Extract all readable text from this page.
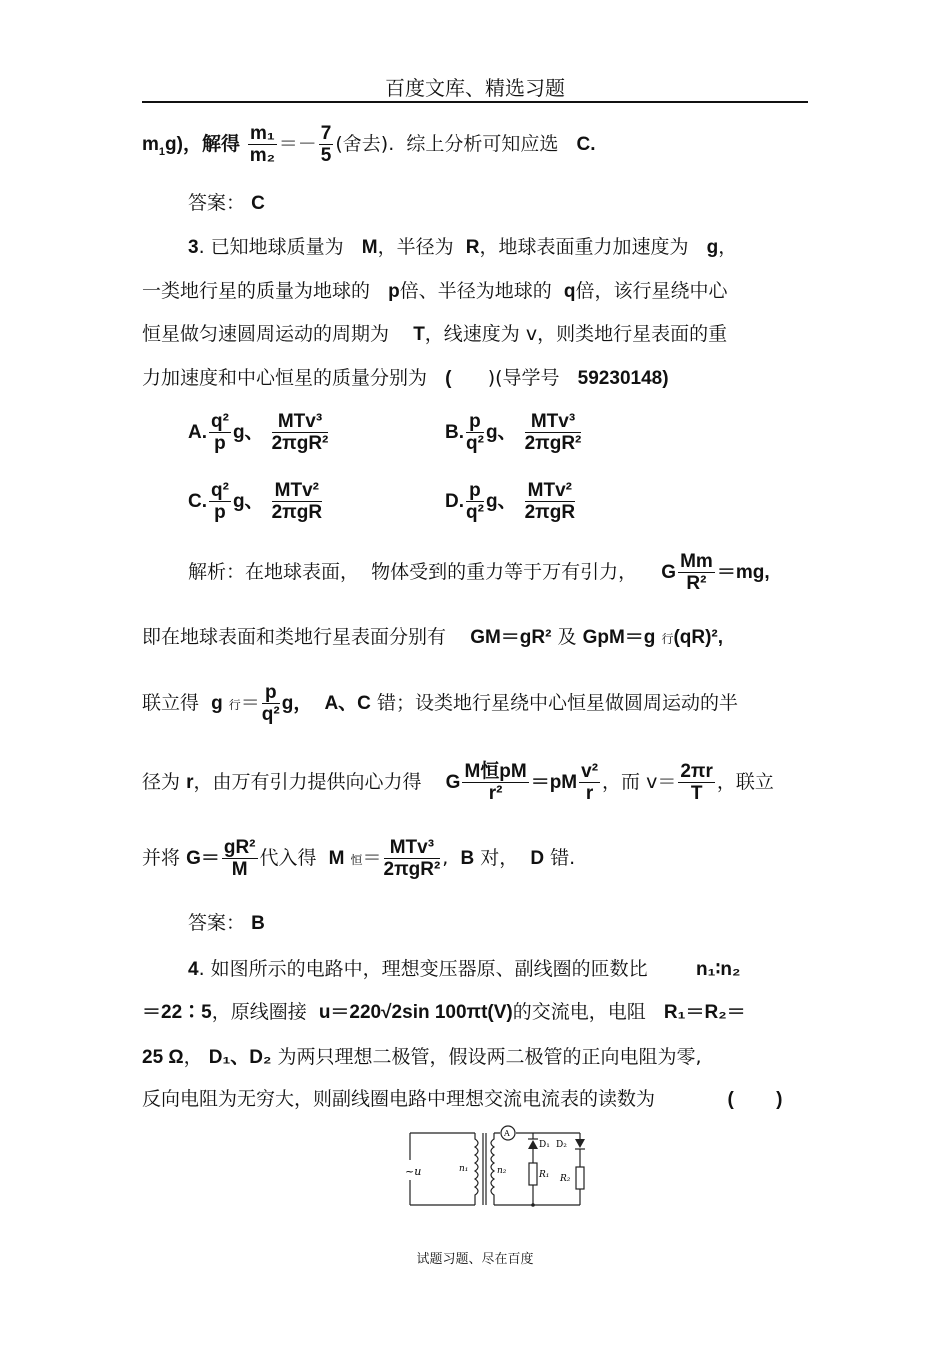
百度文库、精选习题
$m_1g$)，解得 $\frac{\text{m₁}}{\text{m₂}} =- \frac{7}{5}$ (舍去). 综上分析可知应选 C.
答案： C
3. 已知地球质量为 M，半径为 R，地球表面重力加速度为 g，
一类地行星的质量为地球的 p倍、半径为地球的 q倍，该行星绕中心
恒星做匀速圆周运动的周期为 T，线速度为 v，则类地行星表面的重
力加速度和中心恒星的质量分别为 ( )(导学号 59230148)
A. $\frac{\text{q²}}{p}$ g、 $\frac{\text{MTv³}}{\text{2πgR²}}$	B. $\frac{p}{\text{q²}}$ g、 $\frac{\text{MTv³}}{\text{2πgR²}}$
C. $\frac{\text{q²}}{p}$ g、 $\frac{\text{MTv²}}{\text{2πgR}}$	D. $\frac{p}{\text{q²}}$ g、 $\frac{\text{MTv²}}{\text{2πgR}}$
解析：在地球表面， 物体受到的重力等于万有引力， G $\frac{Mm}{\text{R²}} =mg$,
即在地球表面和类地行星表面分别有 GM＝gR² 及 GpM＝g 行(qR)²,
联立得 g 行＝ $\frac{p}{\text{q²}}$ g， A、C 错；设类地行星绕中心恒星做圆周运动的半
径为 r，由万有引力提供向心力得 G $\frac{\text{M恒pM}}{\text{r²}} =pM \frac{\text{v²}}{r}$ ，而 $v= \frac{2\pi r}{T}$ ，联立
并将 $G= \frac{\text{gR²}}{M}$ 代入得 M 恒＝ $\frac{\text{MTv³}}{\text{2πgR²}}$ , B 对， D 错.
答案： B
4. 如图所示的电路中，理想变压器原、副线圈的匝数比	n₁∶n₂
＝22∶5，原线圈接 u＝220√2sin 100πt(V)的交流电，电阻 R₁＝R₂＝
25 Ω， D₁、D₂ 为两只理想二极管，假设两二极管的正向电阻为零,
反向电阻为无穷大，则副线圈电路中理想交流电流表的读数为	( )
~u	n₁	n₂
A
D₁ D₂
R₁ R₂
试题习题、尽在百度
